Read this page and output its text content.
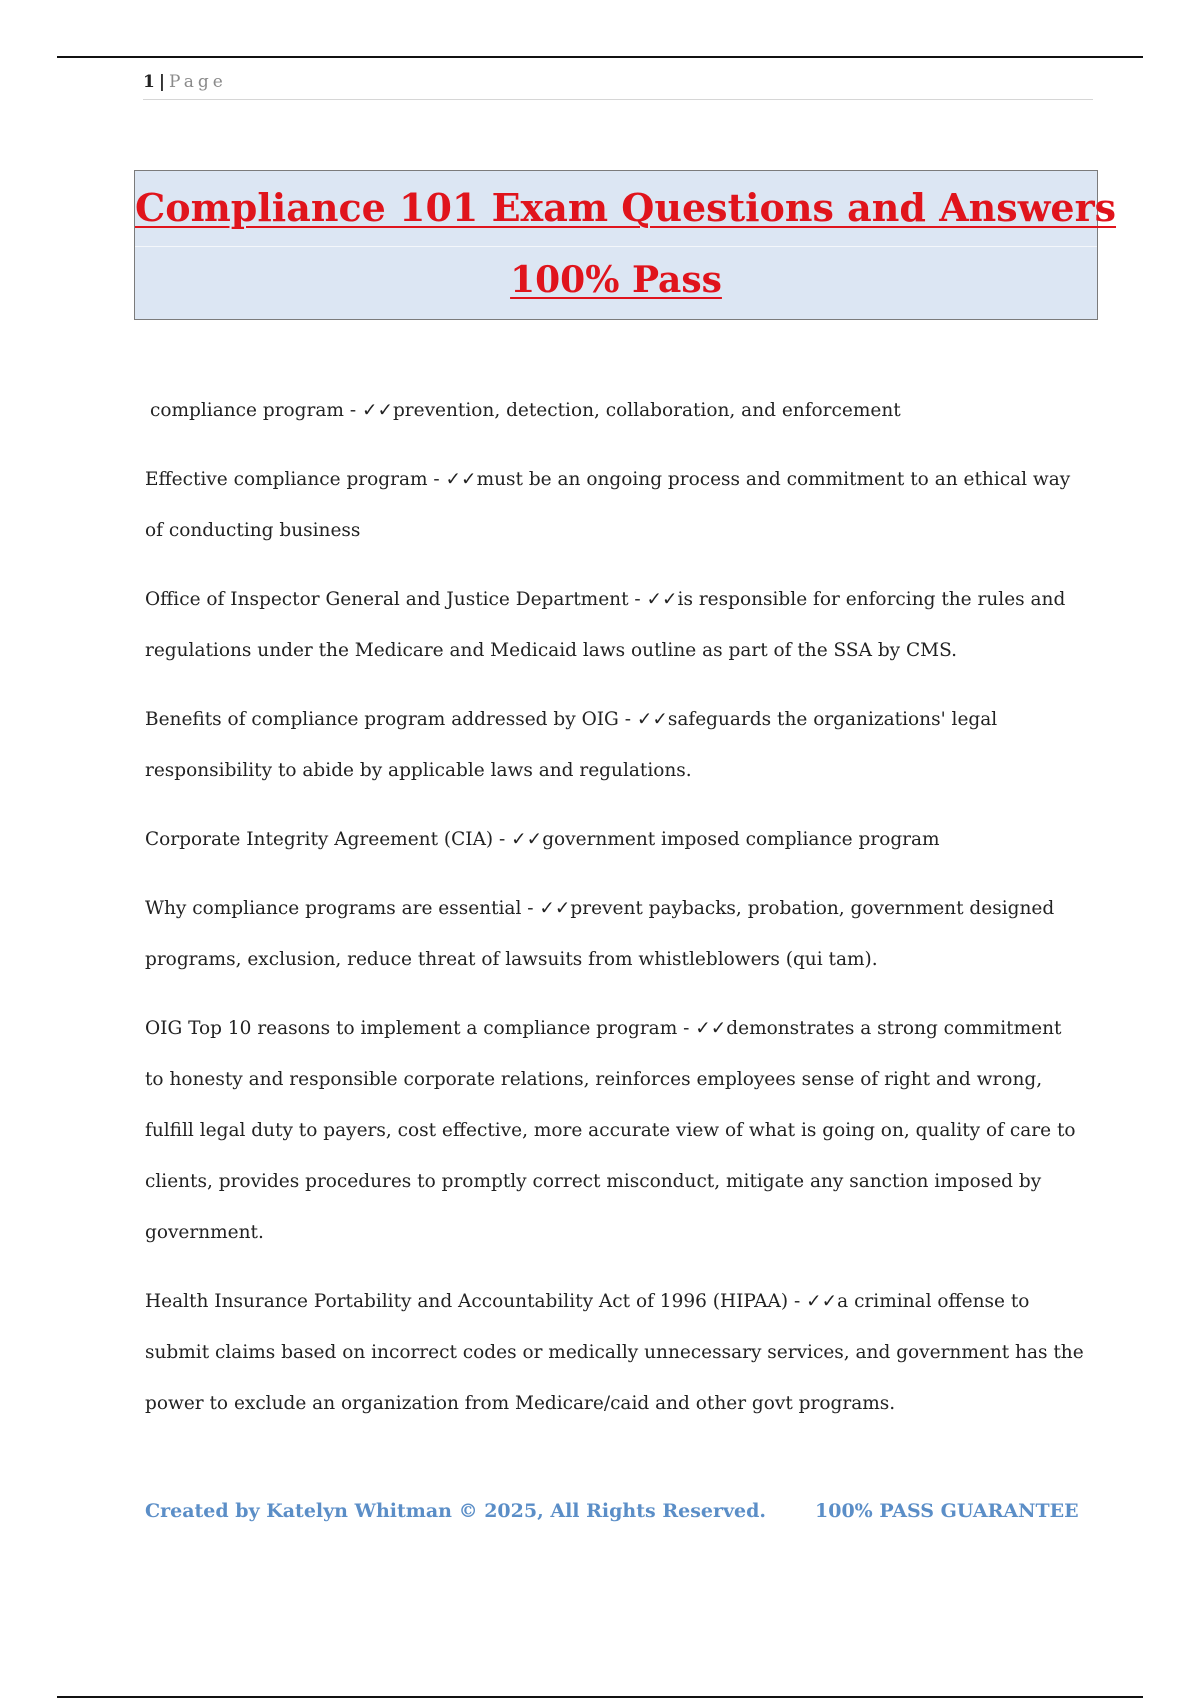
1 | Page
Compliance 101 Exam Questions and Answers
100% Pass

compliance program - ✓✓prevention, detection, collaboration, and enforcement

Effective compliance program - ✓✓must be an ongoing process and commitment to an ethical way of conducting business

Office of Inspector General and Justice Department - ✓✓is responsible for enforcing the rules and regulations under the Medicare and Medicaid laws outline as part of the SSA by CMS.

Benefits of compliance program addressed by OIG - ✓✓safeguards the organizations' legal responsibility to abide by applicable laws and regulations.

Corporate Integrity Agreement (CIA) - ✓✓government imposed compliance program

Why compliance programs are essential - ✓✓prevent paybacks, probation, government designed programs, exclusion, reduce threat of lawsuits from whistleblowers (qui tam).

OIG Top 10 reasons to implement a compliance program - ✓✓demonstrates a strong commitment to honesty and responsible corporate relations, reinforces employees sense of right and wrong, fulfill legal duty to payers, cost effective, more accurate view of what is going on, quality of care to clients, provides procedures to promptly correct misconduct, mitigate any sanction imposed by government.

Health Insurance Portability and Accountability Act of 1996 (HIPAA) - ✓✓a criminal offense to submit claims based on incorrect codes or medically unnecessary services, and government has the power to exclude an organization from Medicare/caid and other govt programs.

Created by Katelyn Whitman © 2025, All Rights Reserved.	100% PASS GUARANTEE
